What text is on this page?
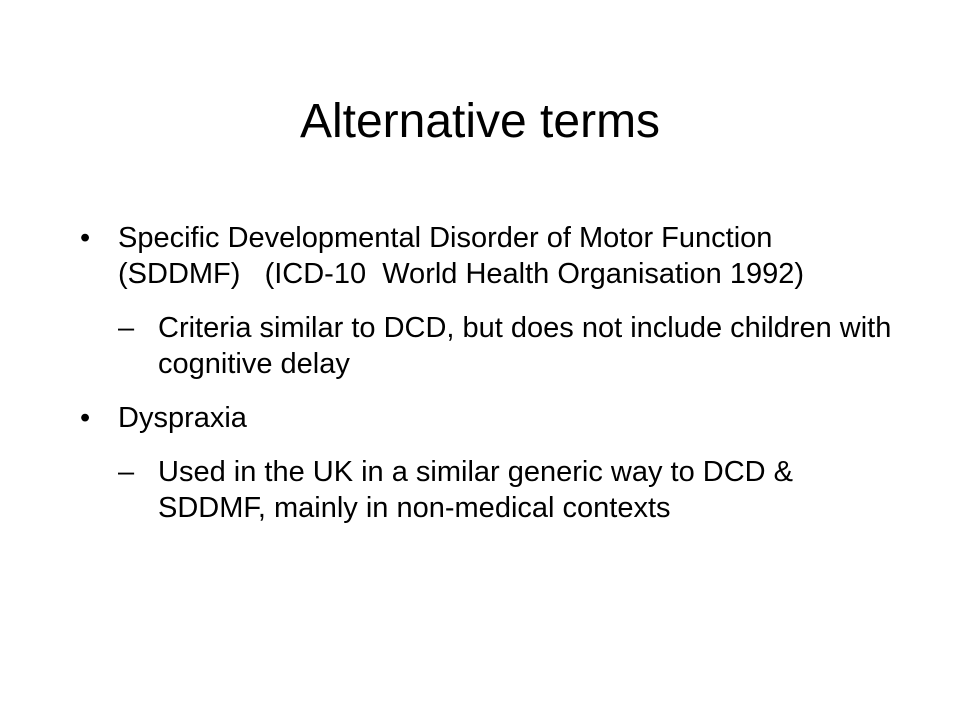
Alternative terms
• Specific Developmental Disorder of Motor Function (SDDMF)   (ICD-10  World Health Organisation 1992)
– Criteria similar to DCD, but does not include children with cognitive delay
• Dyspraxia
– Used in the UK in a similar generic way to DCD & SDDMF, mainly in non-medical contexts
